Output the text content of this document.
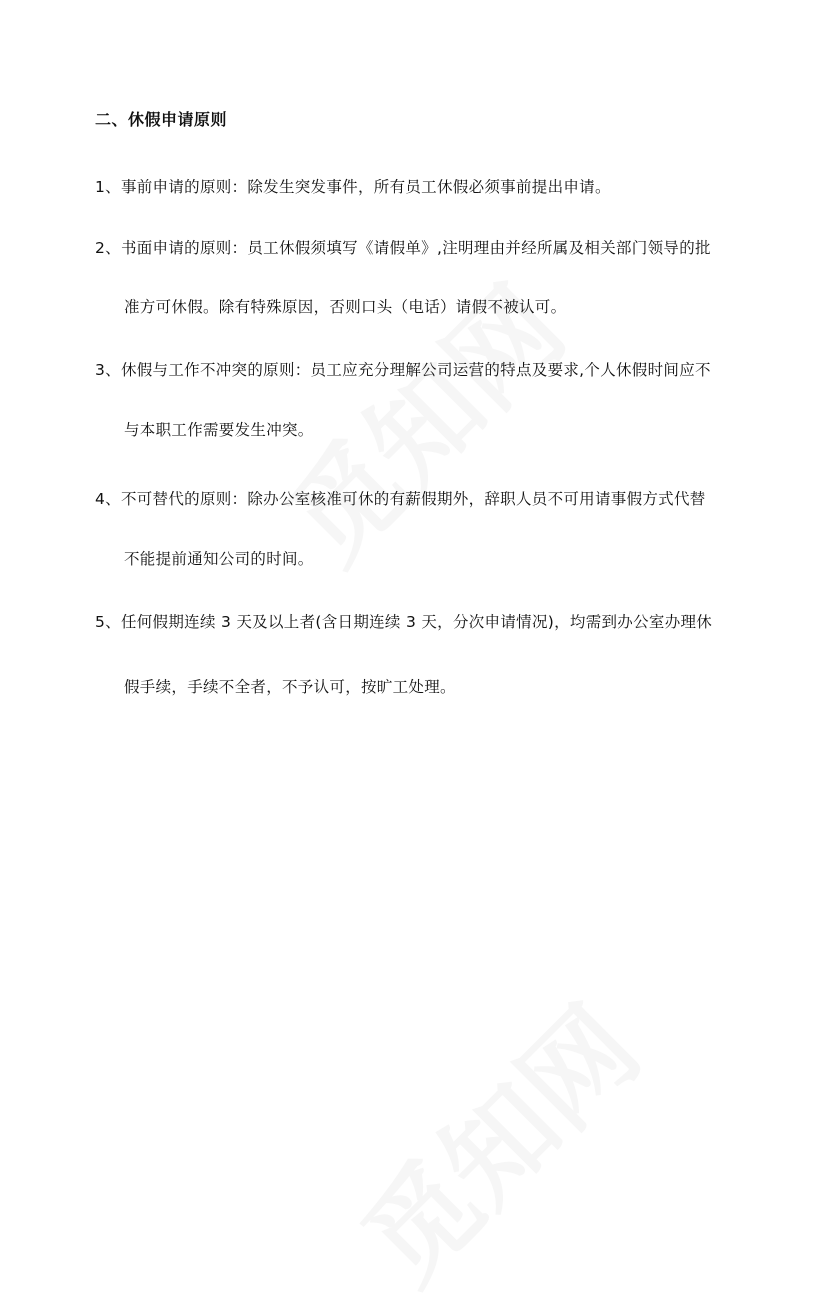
二、休假申请原则
1、事前申请的原则：除发生突发事件，所有员工休假必须事前提出申请。
2、书面申请的原则：员工休假须填写《请假单》,注明理由并经所属及相关部门领导的批
准方可休假。除有特殊原因，否则口头（电话）请假不被认可。
3、休假与工作不冲突的原则：员工应充分理解公司运营的特点及要求,个人休假时间应不
与本职工作需要发生冲突。
4、不可替代的原则：除办公室核准可休的有薪假期外，辞职人员不可用请事假方式代替
不能提前通知公司的时间。
5、任何假期连续 3 天及以上者(含日期连续 3 天，分次申请情况)，均需到办公室办理休
假手续，手续不全者，不予认可，按旷工处理。
